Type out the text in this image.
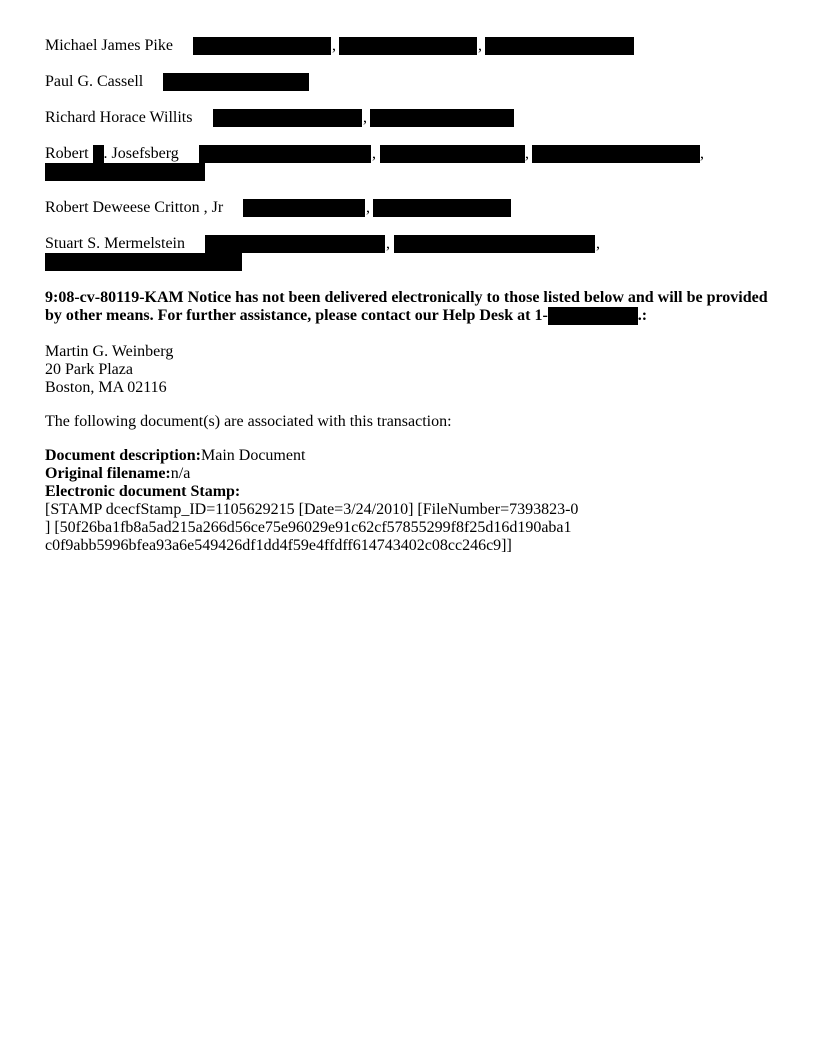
Michael James Pike	,	,
Paul G. Cassell
Richard Horace Willits	,
Robert . Josefsberg	,	,	,
Robert Deweese Critton , Jr	,
Stuart S. Mermelstein	,	,
9:08-cv-80119-KAM Notice has not been delivered electronically to those listed below and will be provided
by other means. For further assistance, please contact our Help Desk at 1-	.:
Martin G. Weinberg
20 Park Plaza
Boston, MA 02116
The following document(s) are associated with this transaction:
Document description:Main Document
Original filename:n/a
Electronic document Stamp:
[STAMP dcecfStamp_ID=1105629215 [Date=3/24/2010] [FileNumber=7393823-0
] [50f26ba1fb8a5ad215a266d56ce75e96029e91c62cf57855299f8f25d16d190aba1
c0f9abb5996bfea93a6e549426df1dd4f59e4ffdff614743402c08cc246c9]]
